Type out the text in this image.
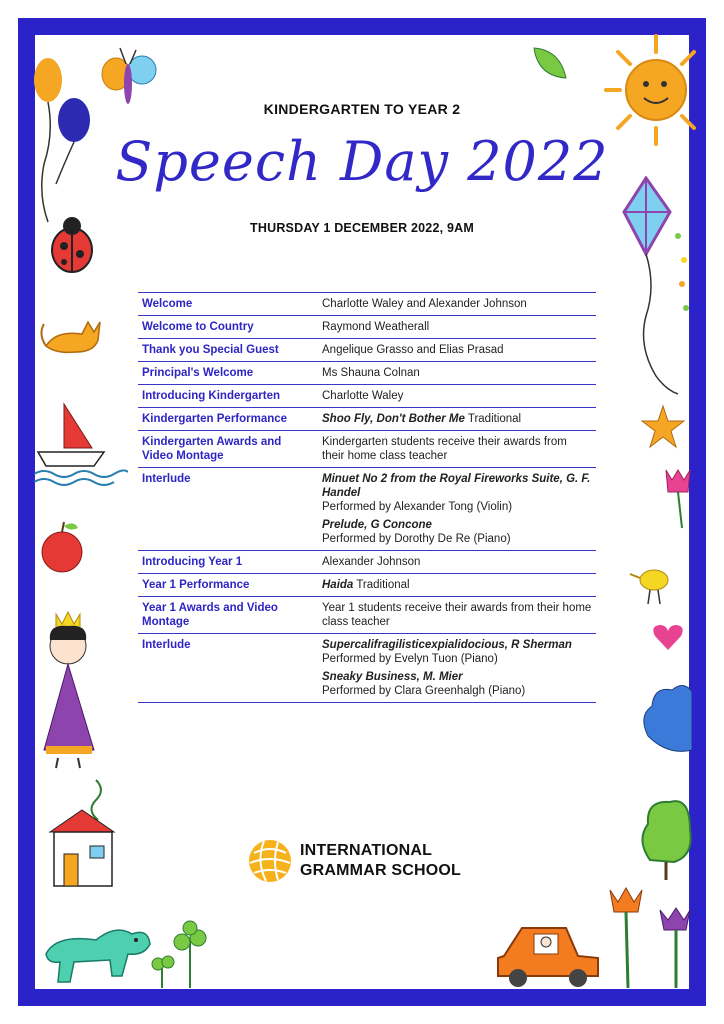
KINDERGARTEN TO YEAR 2
Speech Day 2022
THURSDAY 1 DECEMBER 2022, 9AM
Welcome	Charlotte Waley and Alexander Johnson

Welcome to Country	Raymond Weatherall

Thank you Special Guest	Angelique Grasso and Elias Prasad

Principal's Welcome	Ms Shauna Colnan

Introducing Kindergarten	Charlotte Waley

Kindergarten Performance	Shoo Fly, Don't Bother Me Traditional

Kindergarten Awards and Video Montage	Kindergarten students receive their awards from their home class teacher

Interlude	Minuet No 2 from the Royal Fireworks Suite, G. F. Handel

Performed by Alexander Tong (Violin)

Prelude, G Concone

Performed by Dorothy De Re (Piano)

Introducing Year 1	Alexander Johnson

Year 1 Performance	Haida Traditional

Year 1 Awards and Video Montage	Year 1 students receive their awards from their home class teacher

Interlude	Supercalifragilisticexpialidocious, R Sherman

Performed by Evelyn Tuon (Piano)

Sneaky Business, M. Mier

Performed by Clara Greenhalgh (Piano)

INTERNATIONAL
GRAMMAR SCHOOL
